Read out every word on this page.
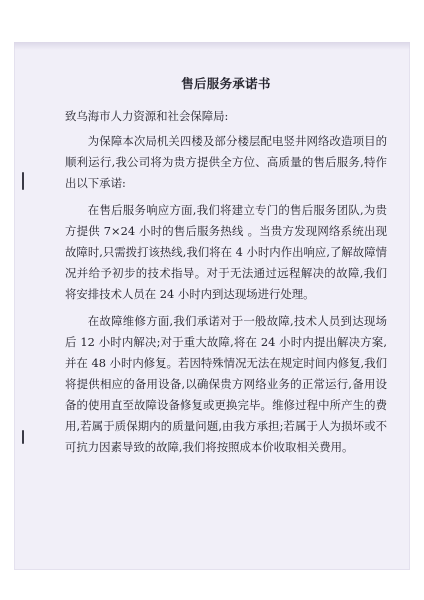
售后服务承诺书
致乌海市人力资源和社会保障局:

为保障本次局机关四楼及部分楼层配电竖井网络改造项目的顺利运行,我公司将为贵方提供全方位、高质量的售后服务,特作出以下承诺:

在售后服务响应方面,我们将建立专门的售后服务团队,为贵方提供 7×24 小时的售后服务热线 。当贵方发现网络系统出现故障时,只需拨打该热线,我们将在 4 小时内作出响应,了解故障情况并给予初步的技术指导。对于无法通过远程解决的故障,我们将安排技术人员在 24 小时内到达现场进行处理。

在故障维修方面,我们承诺对于一般故障,技术人员到达现场后 12 小时内解决;对于重大故障,将在 24 小时内提出解决方案,并在 48 小时内修复。若因特殊情况无法在规定时间内修复,我们将提供相应的备用设备,以确保贵方网络业务的正常运行,备用设备的使用直至故障设备修复或更换完毕。维修过程中所产生的费用,若属于质保期内的质量问题,由我方承担;若属于人为损坏或不可抗力因素导致的故障,我们将按照成本价收取相关费用。
